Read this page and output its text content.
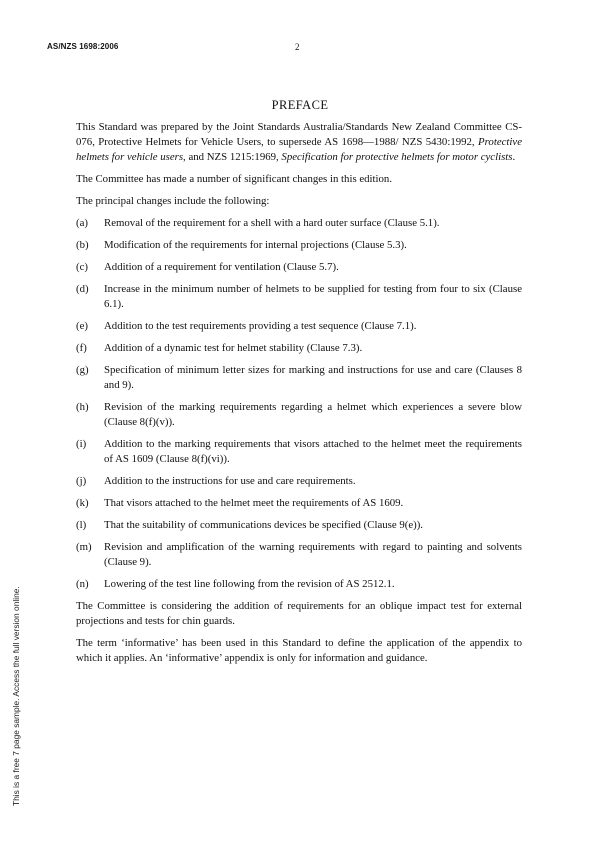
AS/NZS 1698:2006	2
PREFACE

This Standard was prepared by the Joint Standards Australia/Standards New Zealand Committee CS-076, Protective Helmets for Vehicle Users, to supersede AS 1698—1988/ NZS 5430:1992, Protective helmets for vehicle users, and NZS 1215:1969, Specification for protective helmets for motor cyclists.

The Committee has made a number of significant changes in this edition.

The principal changes include the following:

(a)	Removal of the requirement for a shell with a hard outer surface (Clause 5.1).
(b)	Modification of the requirements for internal projections (Clause 5.3).
(c)	Addition of a requirement for ventilation (Clause 5.7).
(d)	Increase in the minimum number of helmets to be supplied for testing from four to six (Clause 6.1).
(e)	Addition to the test requirements providing a test sequence (Clause 7.1).
(f)	Addition of a dynamic test for helmet stability (Clause 7.3).
(g)	Specification of minimum letter sizes for marking and instructions for use and care (Clauses 8 and 9).
(h)	Revision of the marking requirements regarding a helmet which experiences a severe blow (Clause 8(f)(v)).
(i)	Addition to the marking requirements that visors attached to the helmet meet the requirements of AS 1609 (Clause 8(f)(vi)).
(j)	Addition to the instructions for use and care requirements.
(k)	That visors attached to the helmet meet the requirements of AS 1609.
(l)	That the suitability of communications devices be specified (Clause 9(e)).
(m)	Revision and amplification of the warning requirements with regard to painting and solvents (Clause 9).
(n)	Lowering of the test line following from the revision of AS 2512.1.

The Committee is considering the addition of requirements for an oblique impact test for external projections and tests for chin guards.

The term ‘informative’ has been used in this Standard to define the application of the appendix to which it applies. An ‘informative’ appendix is only for information and guidance.

This is a free 7 page sample. Access the full version online.
